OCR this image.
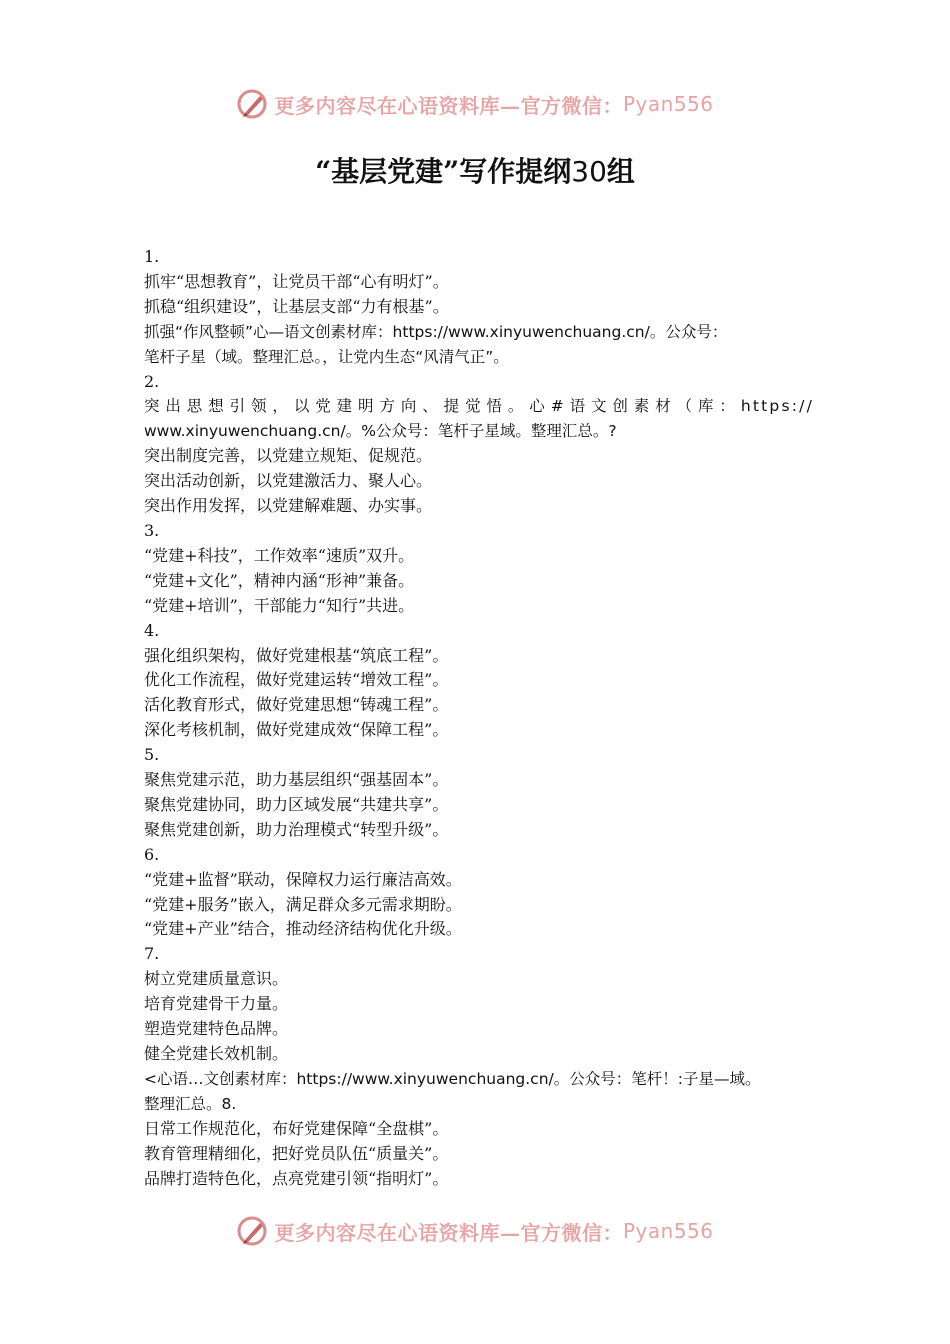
更多内容尽在心语资料库—官方微信： Pyan556
“基层党建”写作提纲30组
1.
抓牢“思想教育”，让党员干部“心有明灯”。
抓稳“组织建设”，让基层支部“力有根基”。
抓强“作风整顿”心—语文创素材库：https://www.xinyuwenchuang.cn/。公众号：
笔杆子星（域。整理汇总。，让党内生态“风清气正”。
2.
突出思想引领，以党建明方向、提觉悟。心#语文创素材（库：https://
www.xinyuwenchuang.cn/。%公众号：笔杆子星域。整理汇总。?
突出制度完善，以党建立规矩、促规范。
突出活动创新，以党建激活力、聚人心。
突出作用发挥，以党建解难题、办实事。
3.
“党建+科技”，工作效率“速质”双升。
“党建+文化”，精神内涵“形神”兼备。
“党建+培训”，干部能力“知行”共进。
4.
强化组织架构，做好党建根基“筑底工程”。
优化工作流程，做好党建运转“增效工程”。
活化教育形式，做好党建思想“铸魂工程”。
深化考核机制，做好党建成效“保障工程”。
5.
聚焦党建示范，助力基层组织“强基固本”。
聚焦党建协同，助力区域发展“共建共享”。
聚焦党建创新，助力治理模式“转型升级”。
6.
“党建+监督”联动，保障权力运行廉洁高效。
“党建+服务”嵌入，满足群众多元需求期盼。
“党建+产业”结合，推动经济结构优化升级。
7.
树立党建质量意识。
培育党建骨干力量。
塑造党建特色品牌。
健全党建长效机制。
<心语…文创素材库：https://www.xinyuwenchuang.cn/。公众号：笔杆！:子星—域。
整理汇总。8.
日常工作规范化，布好党建保障“全盘棋”。
教育管理精细化，把好党员队伍“质量关”。
品牌打造特色化，点亮党建引领“指明灯”。
更多内容尽在心语资料库—官方微信： Pyan556
